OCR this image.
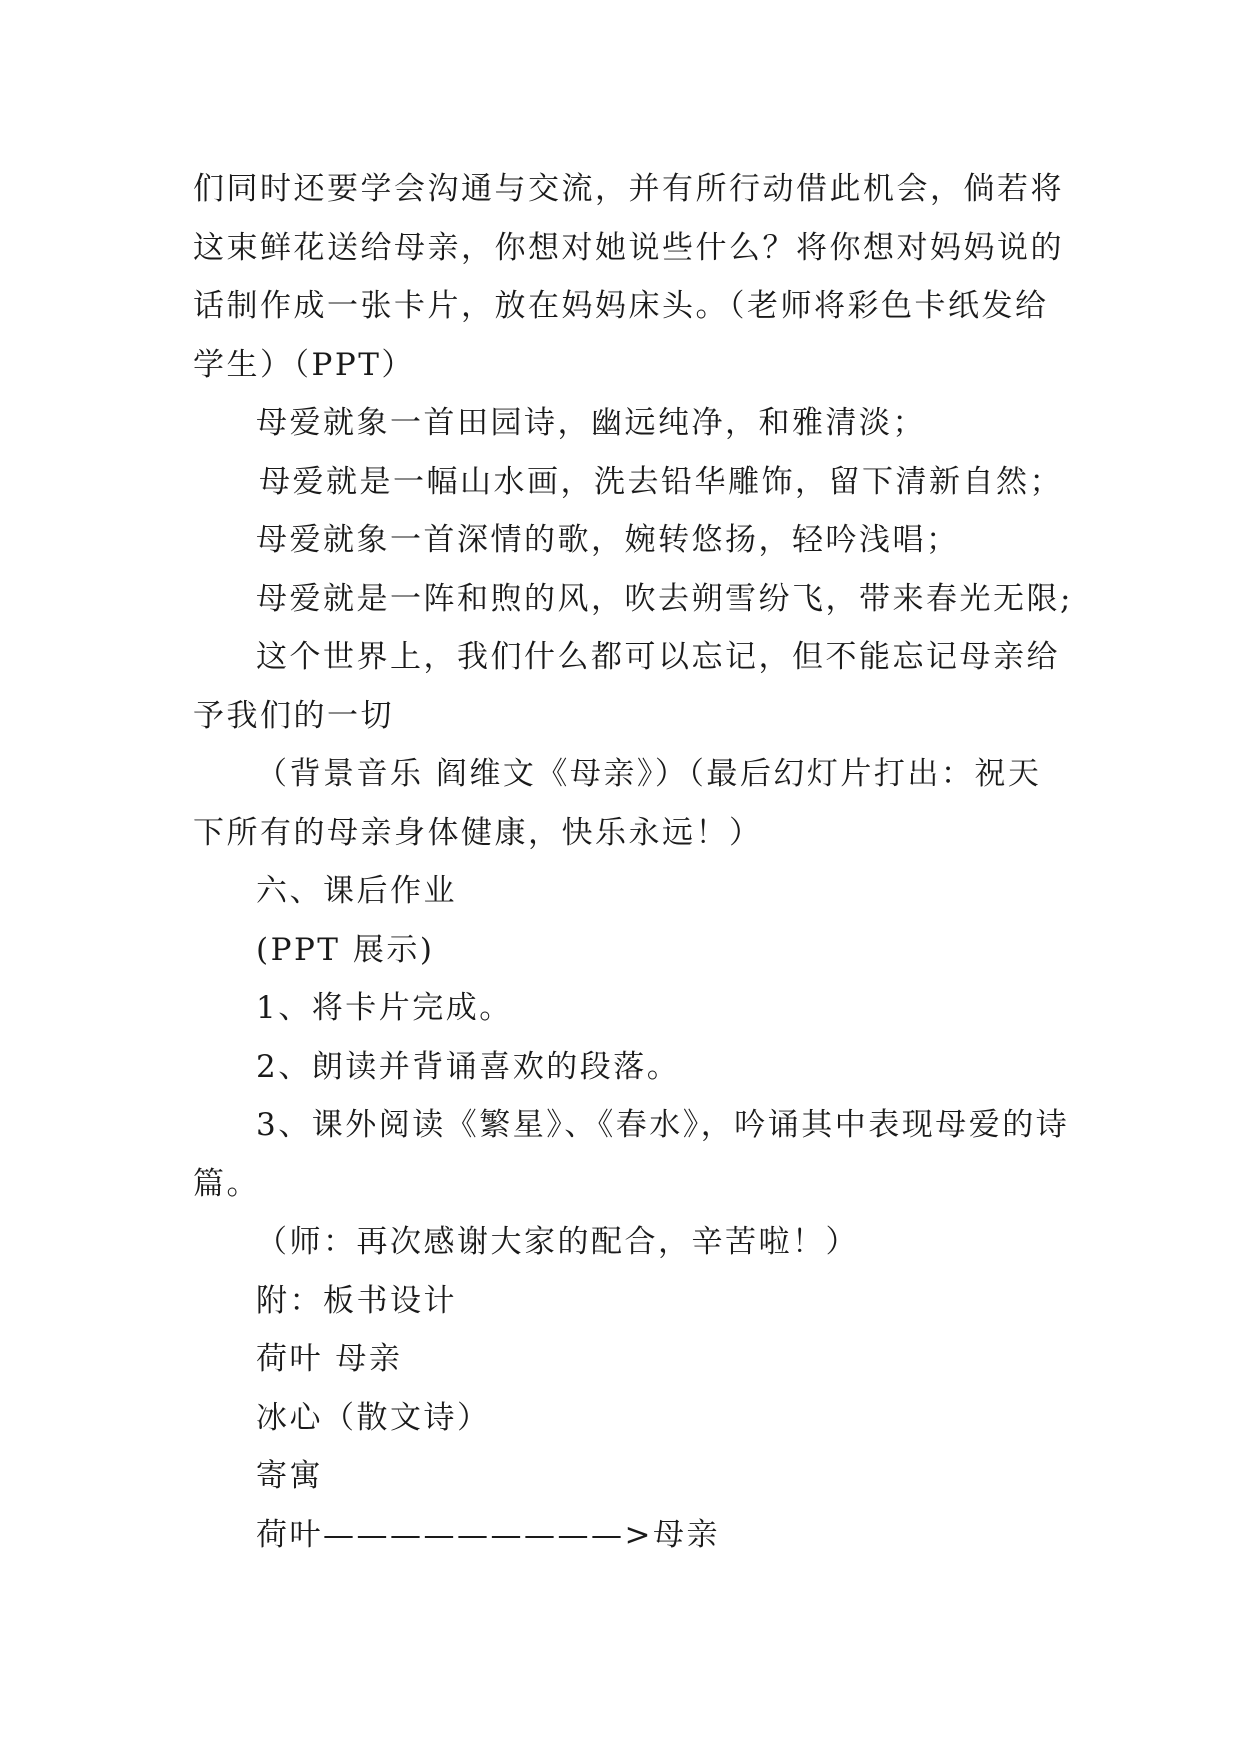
们同时还要学会沟通与交流，并有所行动借此机会，倘若将
这束鲜花送给母亲，你想对她说些什么？将你想对妈妈说的
话制作成一张卡片，放在妈妈床头。（老师将彩色卡纸发给
学生）（PPT）
母爱就象一首田园诗，幽远纯净，和雅清淡；
母爱就是一幅山水画，洗去铅华雕饰，留下清新自然；
母爱就象一首深情的歌，婉转悠扬，轻吟浅唱；
母爱就是一阵和煦的风，吹去朔雪纷飞，带来春光无限;
这个世界上，我们什么都可以忘记，但不能忘记母亲给
予我们的一切
（背景音乐 阎维文《母亲》）（最后幻灯片打出：祝天
下所有的母亲身体健康，快乐永远！）
六、课后作业
(PPT 展示)
1、将卡片完成。
2、朗读并背诵喜欢的段落。
3、课外阅读《繁星》、《春水》，吟诵其中表现母爱的诗
篇。
（师：再次感谢大家的配合，辛苦啦！）
附：板书设计
荷叶 母亲
冰心（散文诗）
寄寓
荷叶—————————>母亲
